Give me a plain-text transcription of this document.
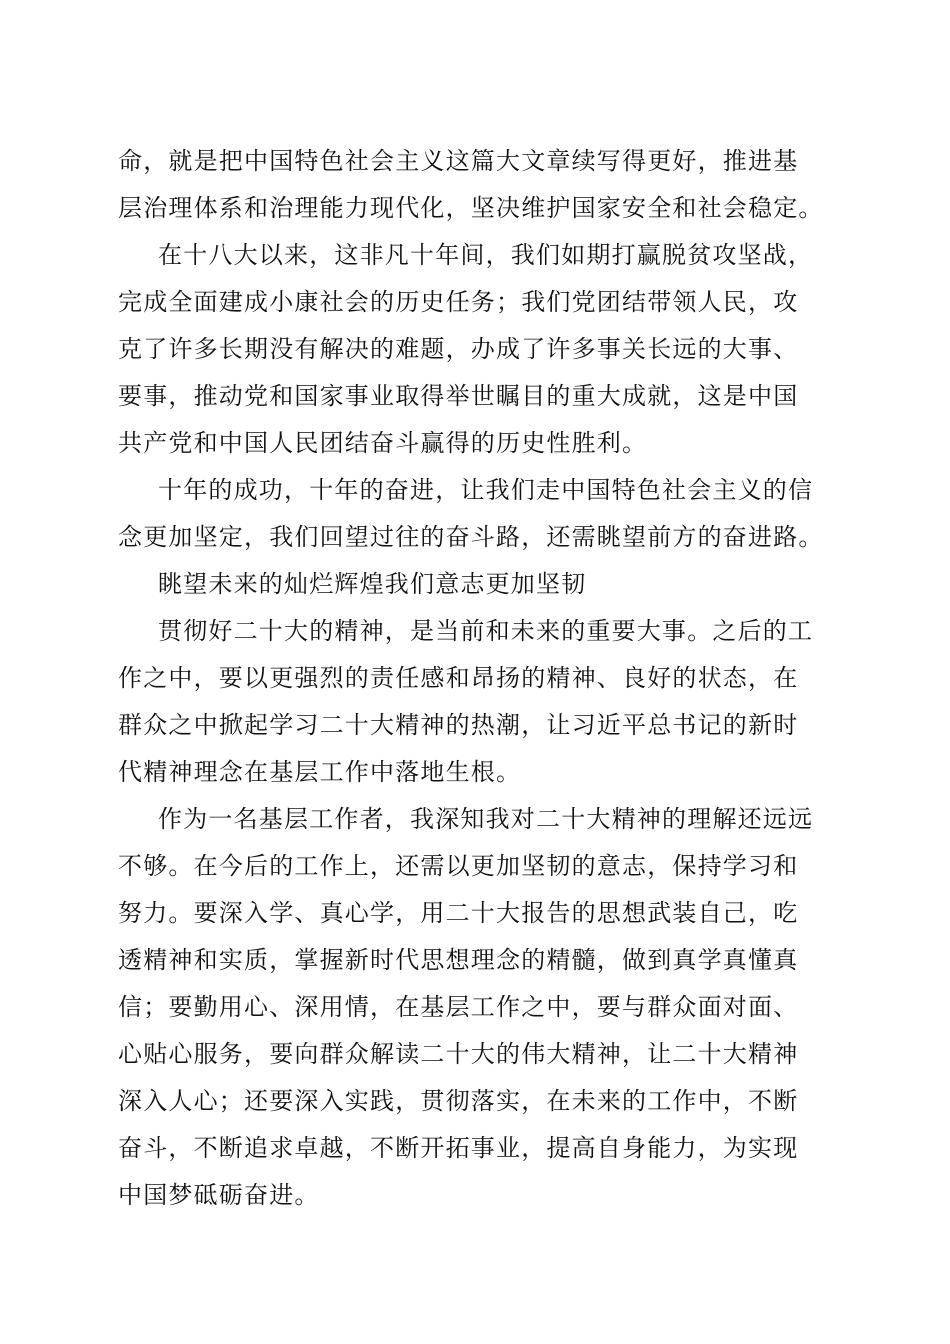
命，就是把中国特色社会主义这篇大文章续写得更好，推进基
层治理体系和治理能力现代化，坚决维护国家安全和社会稳定。
在十八大以来，这非凡十年间，我们如期打赢脱贫攻坚战，
完成全面建成小康社会的历史任务；我们党团结带领人民，攻
克了许多长期没有解决的难题，办成了许多事关长远的大事、
要事，推动党和国家事业取得举世瞩目的重大成就，这是中国
共产党和中国人民团结奋斗赢得的历史性胜利。
十年的成功，十年的奋进，让我们走中国特色社会主义的信
念更加坚定，我们回望过往的奋斗路，还需眺望前方的奋进路。
眺望未来的灿烂辉煌我们意志更加坚韧
贯彻好二十大的精神，是当前和未来的重要大事。之后的工
作之中，要以更强烈的责任感和昂扬的精神、良好的状态，在
群众之中掀起学习二十大精神的热潮，让习近平总书记的新时
代精神理念在基层工作中落地生根。
作为一名基层工作者，我深知我对二十大精神的理解还远远
不够。在今后的工作上，还需以更加坚韧的意志，保持学习和
努力。要深入学、真心学，用二十大报告的思想武装自己，吃
透精神和实质，掌握新时代思想理念的精髓，做到真学真懂真
信；要勤用心、深用情，在基层工作之中，要与群众面对面、
心贴心服务，要向群众解读二十大的伟大精神，让二十大精神
深入人心；还要深入实践，贯彻落实，在未来的工作中，不断
奋斗，不断追求卓越，不断开拓事业，提高自身能力，为实现
中国梦砥砺奋进。
